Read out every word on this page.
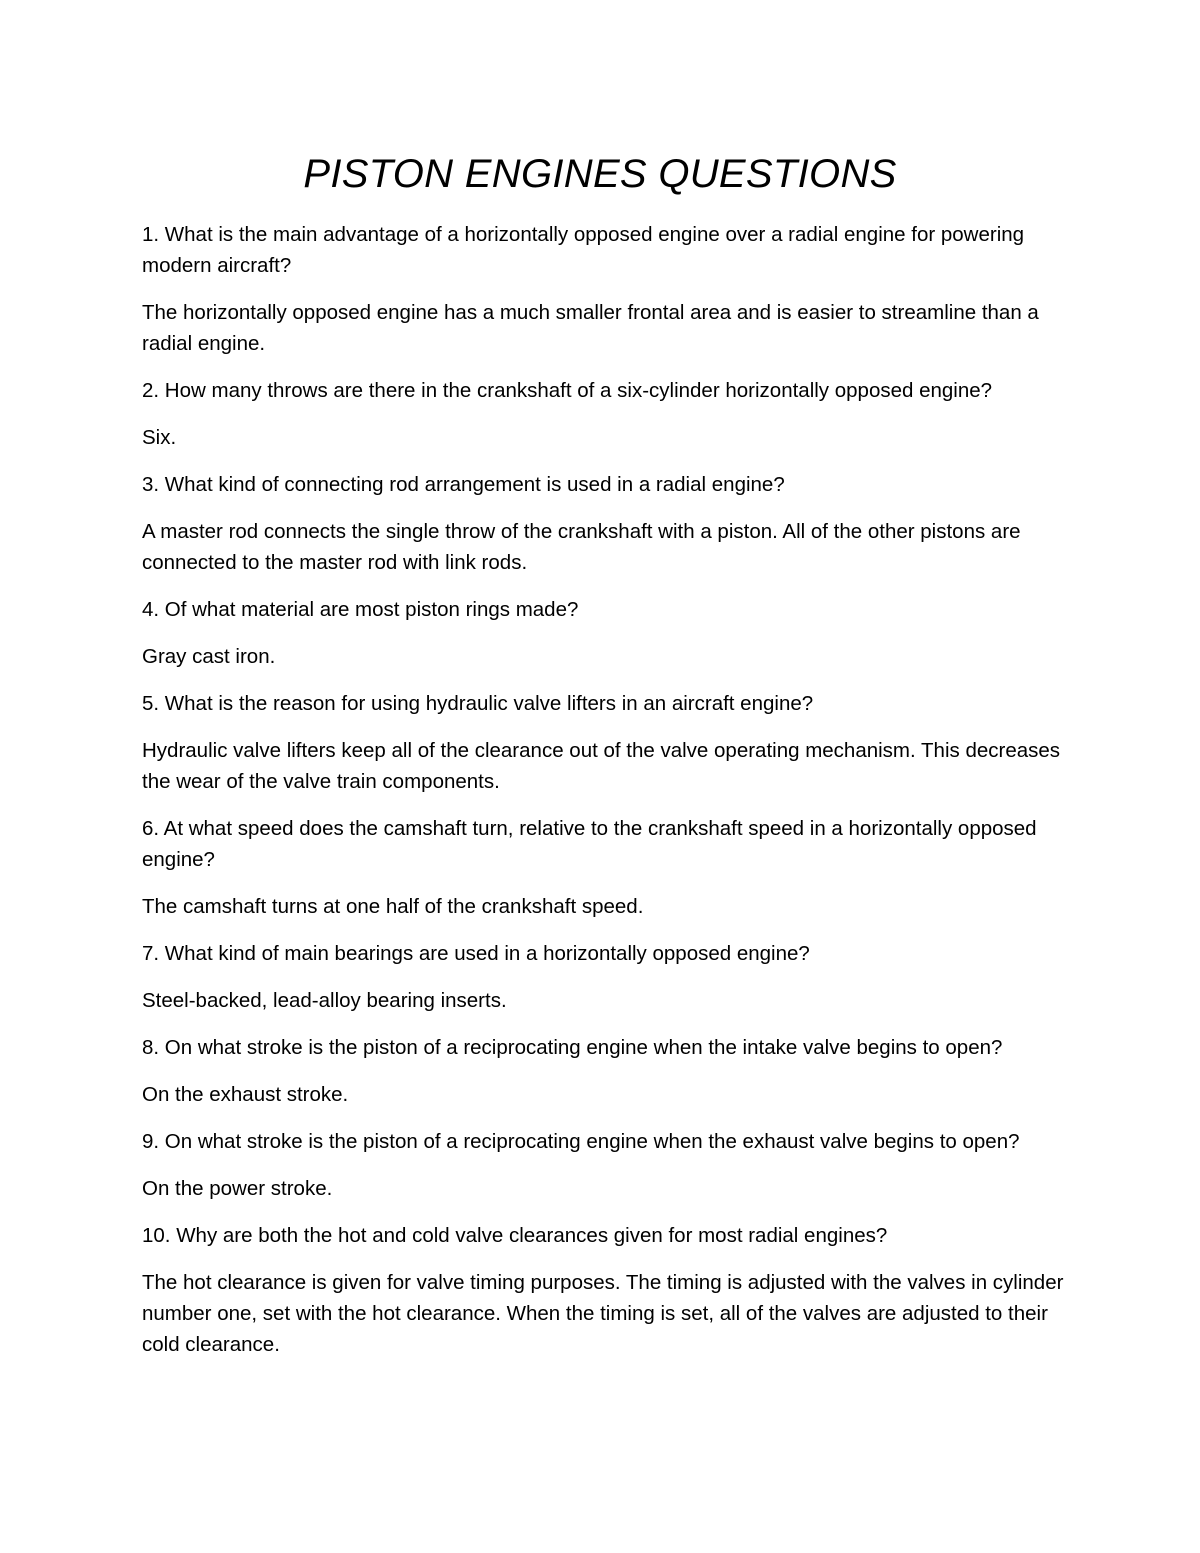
PISTON ENGINES QUESTIONS

1. What is the main advantage of a horizontally opposed engine over a radial engine for powering modern aircraft?

The horizontally opposed engine has a much smaller frontal area and is easier to streamline than a radial engine.

2. How many throws are there in the crankshaft of a six-cylinder horizontally opposed engine?

Six.

3. What kind of connecting rod arrangement is used in a radial engine?

A master rod connects the single throw of the crankshaft with a piston. All of the other pistons are connected to the master rod with link rods.

4. Of what material are most piston rings made?

Gray cast iron.

5. What is the reason for using hydraulic valve lifters in an aircraft engine?

Hydraulic valve lifters keep all of the clearance out of the valve operating mechanism. This decreases the wear of the valve train components.

6. At what speed does the camshaft turn, relative to the crankshaft speed in a horizontally opposed engine?

The camshaft turns at one half of the crankshaft speed.

7. What kind of main bearings are used in a horizontally opposed engine?

Steel-backed, lead-alloy bearing inserts.

8. On what stroke is the piston of a reciprocating engine when the intake valve begins to open?

On the exhaust stroke.

9. On what stroke is the piston of a reciprocating engine when the exhaust valve begins to open?

On the power stroke.

10. Why are both the hot and cold valve clearances given for most radial engines?

The hot clearance is given for valve timing purposes. The timing is adjusted with the valves in cylinder number one, set with the hot clearance. When the timing is set, all of the valves are adjusted to their cold clearance.
